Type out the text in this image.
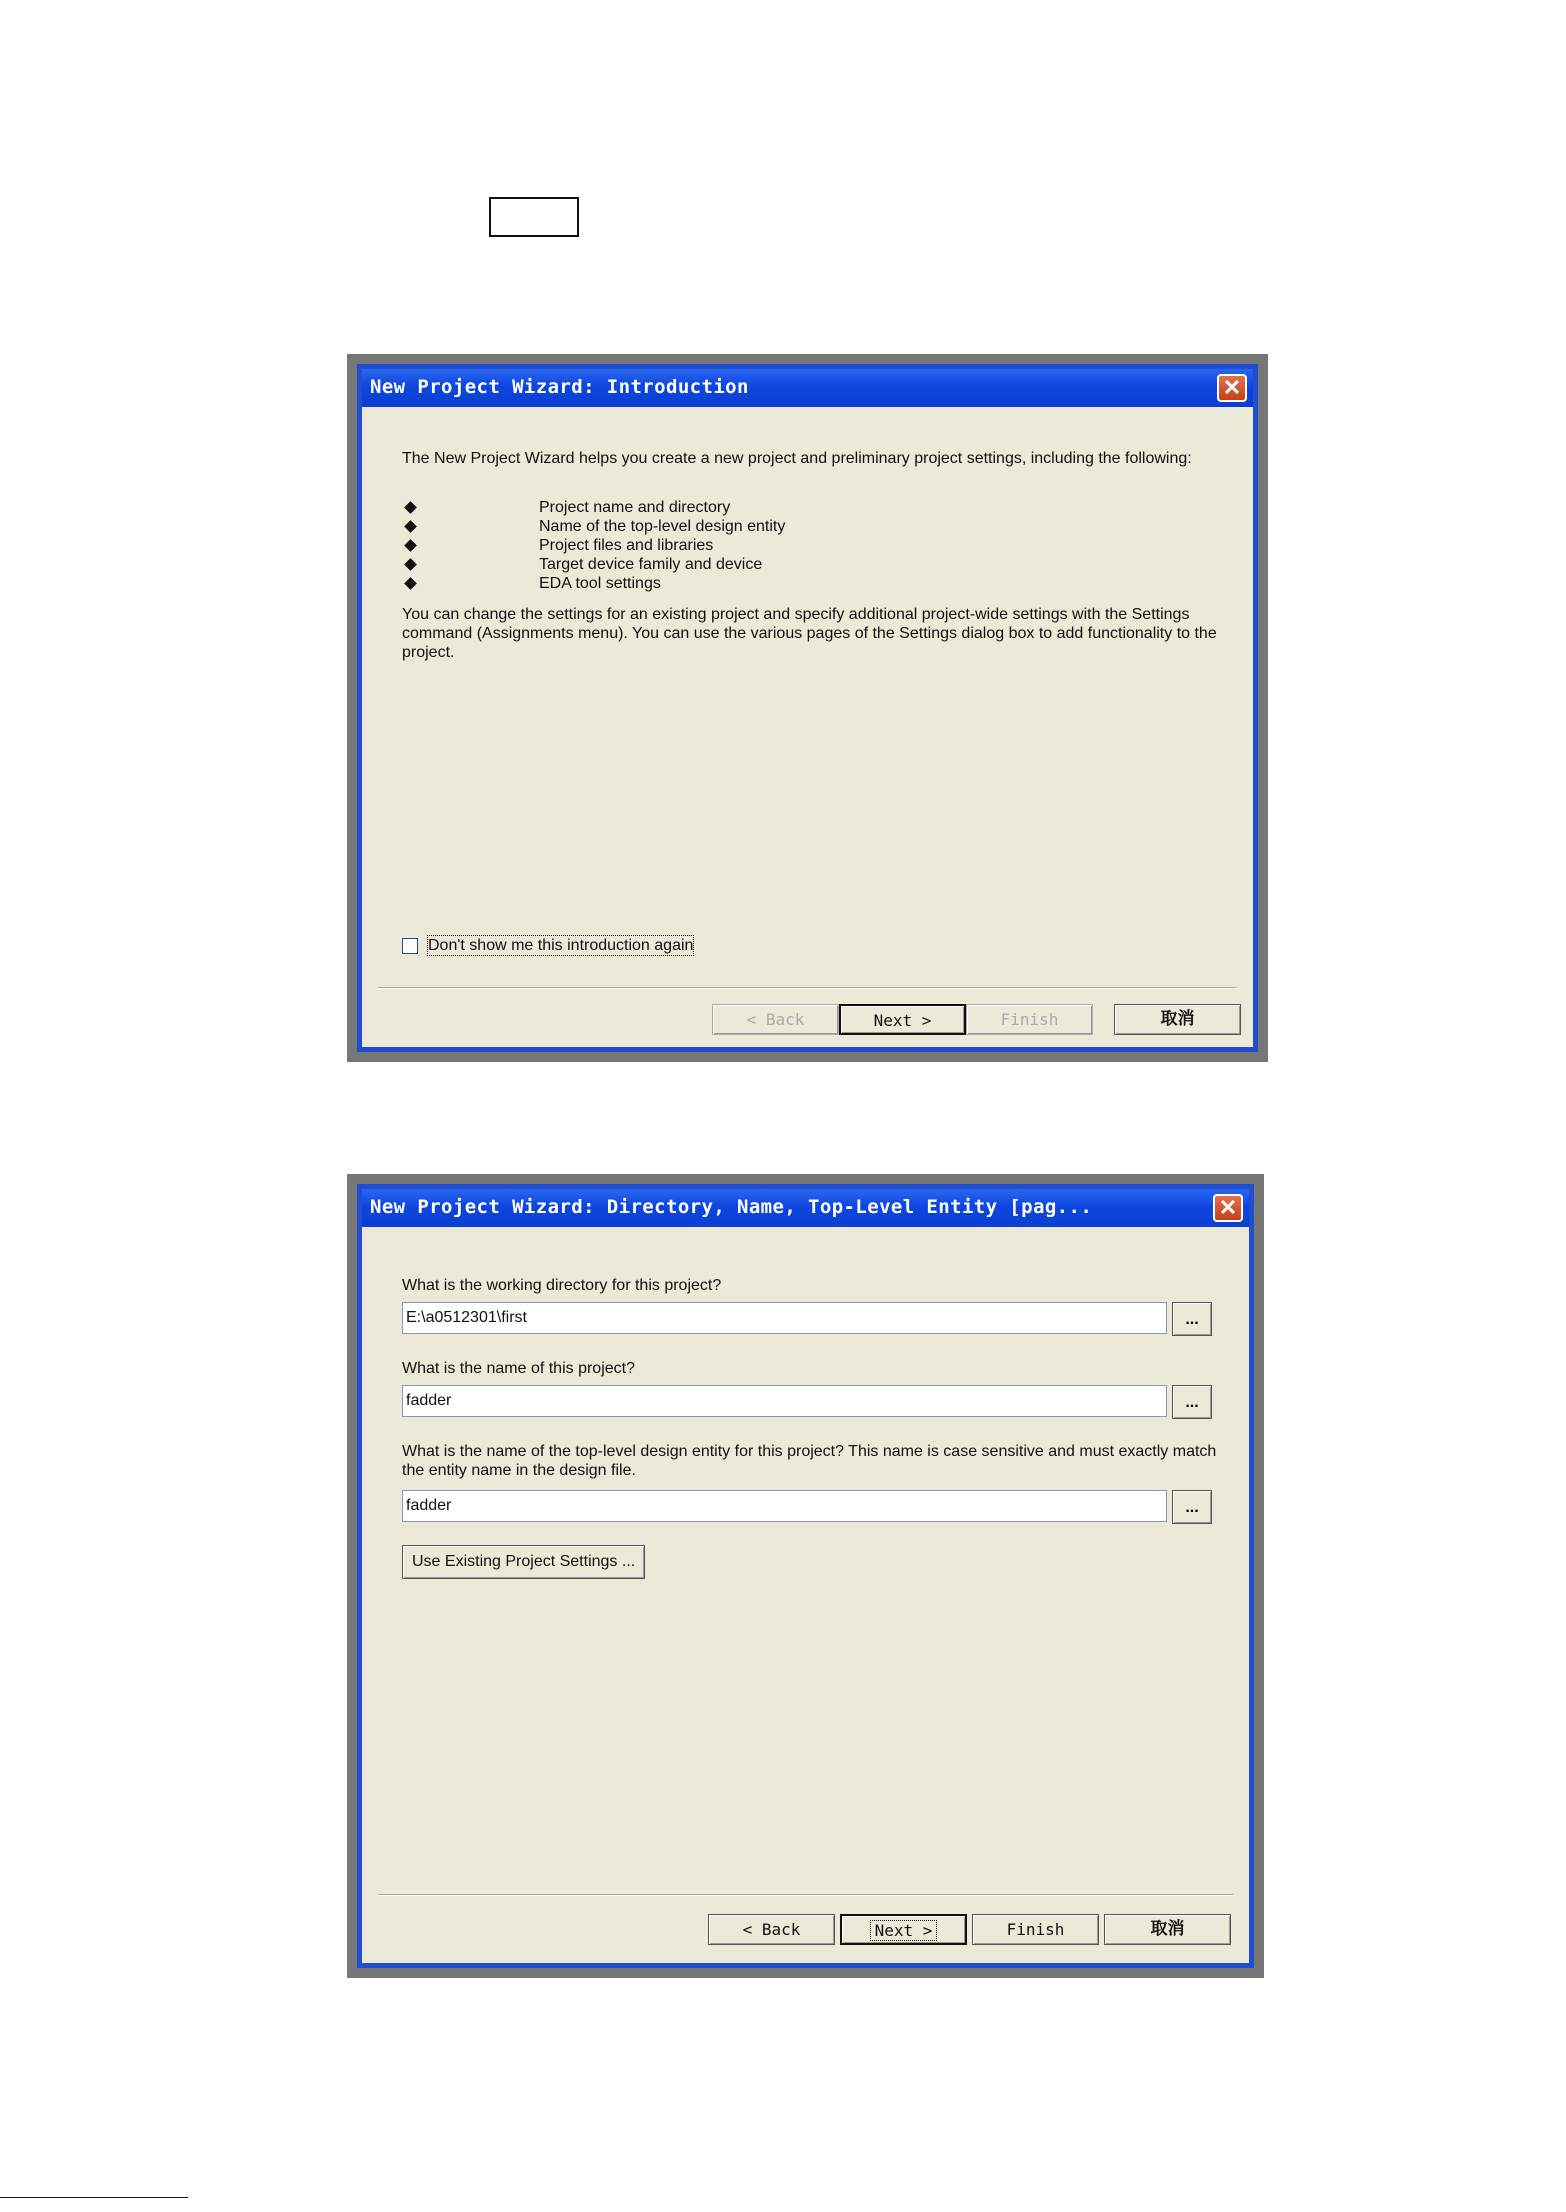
New Project Wizard: Introduction	✕
The New Project Wizard helps you create a new project and preliminary project settings, including the following:
Project name and directory
Name of the top-level design entity
Project files and libraries
Target device family and device
EDA tool settings
You can change the settings for an existing project and specify additional project-wide settings with the Settings command (Assignments menu). You can use the various pages of the Settings dialog box to add functionality to the project.
Don't show me this introduction again
< Back	Next >	Finish	取消
New Project Wizard: Directory, Name, Top-Level Entity [pag...	✕
What is the working directory for this project?
E:\a0512301\first	...
What is the name of this project?
fadder	...
What is the name of the top-level design entity for this project? This name is case sensitive and must exactly match the entity name in the design file.
fadder	...
Use Existing Project Settings ...
< Back	Next >	Finish	取消
